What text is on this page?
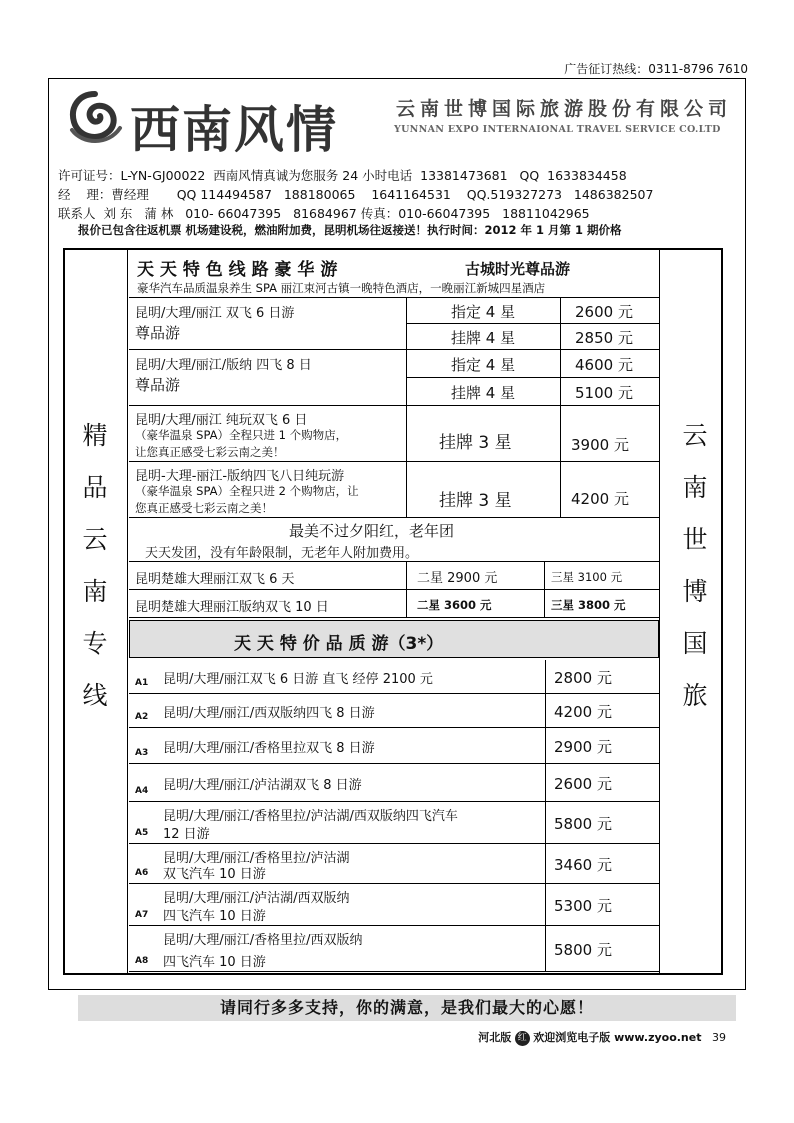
广告征订热线：0311-8796 7610
西南风情	云南世博国际旅游股份有限公司
YUNNAN EXPO INTERNAIONAL TRAVEL SERVICE CO.LTD
许可证号：L-YN-GJ00022  西南风情真诚为您服务 24 小时电话  13381473681   QQ  1633834458
经    理：曹经理       QQ 114494587   188180065    1641164531    QQ.519327273   1486382507
联系人  刘 东   蒲 林   010- 66047395   81684967 传真：010-66047395   18811042965
报价已包含往返机票 机场建设税，燃油附加费，昆明机场往返接送！执行时间：2012 年 1 月第 1 期价格
精
品
云
南
专
线
云
南
世
博
国
旅
天 天 特 色 线 路 豪 华 游	古城时光尊品游
豪华汽车品质温泉养生 SPA 丽江束河古镇一晚特色酒店，一晚丽江新城四星酒店
昆明/大理/丽江 双飞 6 日游
尊品游
指定 4 星	2600 元
挂牌 4 星	2850 元
昆明/大理/丽江/版纳 四飞 8 日
尊品游
指定 4 星	4600 元
挂牌 4 星	5100 元
昆明/大理/丽江 纯玩双飞 6 日
（豪华温泉 SPA）全程只进 1 个购物店，
让您真正感受七彩云南之美！	挂牌 3 星	3900 元
昆明-大理-丽江-版纳四飞八日纯玩游
（豪华温泉 SPA）全程只进 2 个购物店，让
您真正感受七彩云南之美！	挂牌 3 星	4200 元
最美不过夕阳红，老年团
天天发团，没有年龄限制，无老年人附加费用。
昆明楚雄大理丽江双飞 6 天	二星 2900 元	三星 3100 元
昆明楚雄大理丽江版纳双飞 10 日	二星 3600 元	三星 3800 元
天 天 特 价 品 质 游（3*）
A1 昆明/大理/丽江双飞 6 日游 直飞 经停 2100 元	2800 元
A2 昆明/大理/丽江/西双版纳四飞 8 日游	4200 元
A3 昆明/大理/丽江/香格里拉双飞 8 日游	2900 元
A4 昆明/大理/丽江/泸沽湖双飞 8 日游	2600 元
A5
昆明/大理/丽江/香格里拉/泸沽湖/西双版纳四飞汽车
12 日游
5800 元
A6
昆明/大理/丽江/香格里拉/泸沽湖
双飞汽车 10 日游
3460 元
A7
昆明/大理/丽江/泸沽湖/西双版纳
四飞汽车 10 日游
5300 元
A8
昆明/大理/丽江/香格里拉/西双版纳
四飞汽车 10 日游
5800 元
请同行多多支持，你的满意，是我们最大的心愿！
河北版 红 欢迎浏览电子版 www.zyoo.net 39
